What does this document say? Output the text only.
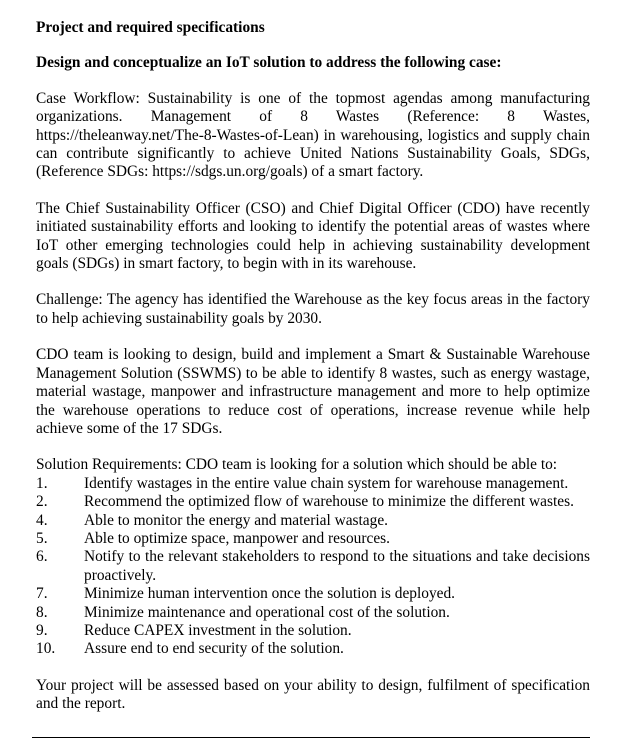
Project and required specifications
Design and conceptualize an IoT solution to address the following case:

Case Workflow: Sustainability is one of the topmost agendas among manufacturing organizations. Management of 8 Wastes (Reference: 8 Wastes, https://theleanway.net/The-8-Wastes-of-Lean) in warehousing, logistics and supply chain can contribute significantly to achieve United Nations Sustainability Goals, SDGs, (Reference SDGs: https://sdgs.un.org/goals) of a smart factory.

The Chief Sustainability Officer (CSO) and Chief Digital Officer (CDO) have recently initiated sustainability efforts and looking to identify the potential areas of wastes where IoT other emerging technologies could help in achieving sustainability development goals (SDGs) in smart factory, to begin with in its warehouse.

Challenge: The agency has identified the Warehouse as the key focus areas in the factory to help achieving sustainability goals by 2030.

CDO team is looking to design, build and implement a Smart & Sustainable Warehouse Management Solution (SSWMS) to be able to identify 8 wastes, such as energy wastage, material wastage, manpower and infrastructure management and more to help optimize the warehouse operations to reduce cost of operations, increase revenue while help achieve some of the 17 SDGs.

Solution Requirements: CDO team is looking for a solution which should be able to:

1.	Identify wastages in the entire value chain system for warehouse management.
2.	Recommend the optimized flow of warehouse to minimize the different wastes.
4.	Able to monitor the energy and material wastage.
5.	Able to optimize space, manpower and resources.
6.	Notify to the relevant stakeholders to respond to the situations and take decisions proactively.
7.	Minimize human intervention once the solution is deployed.
8.	Minimize maintenance and operational cost of the solution.
9.	Reduce CAPEX investment in the solution.
10.	Assure end to end security of the solution.

Your project will be assessed based on your ability to design, fulfilment of specification and the report.
